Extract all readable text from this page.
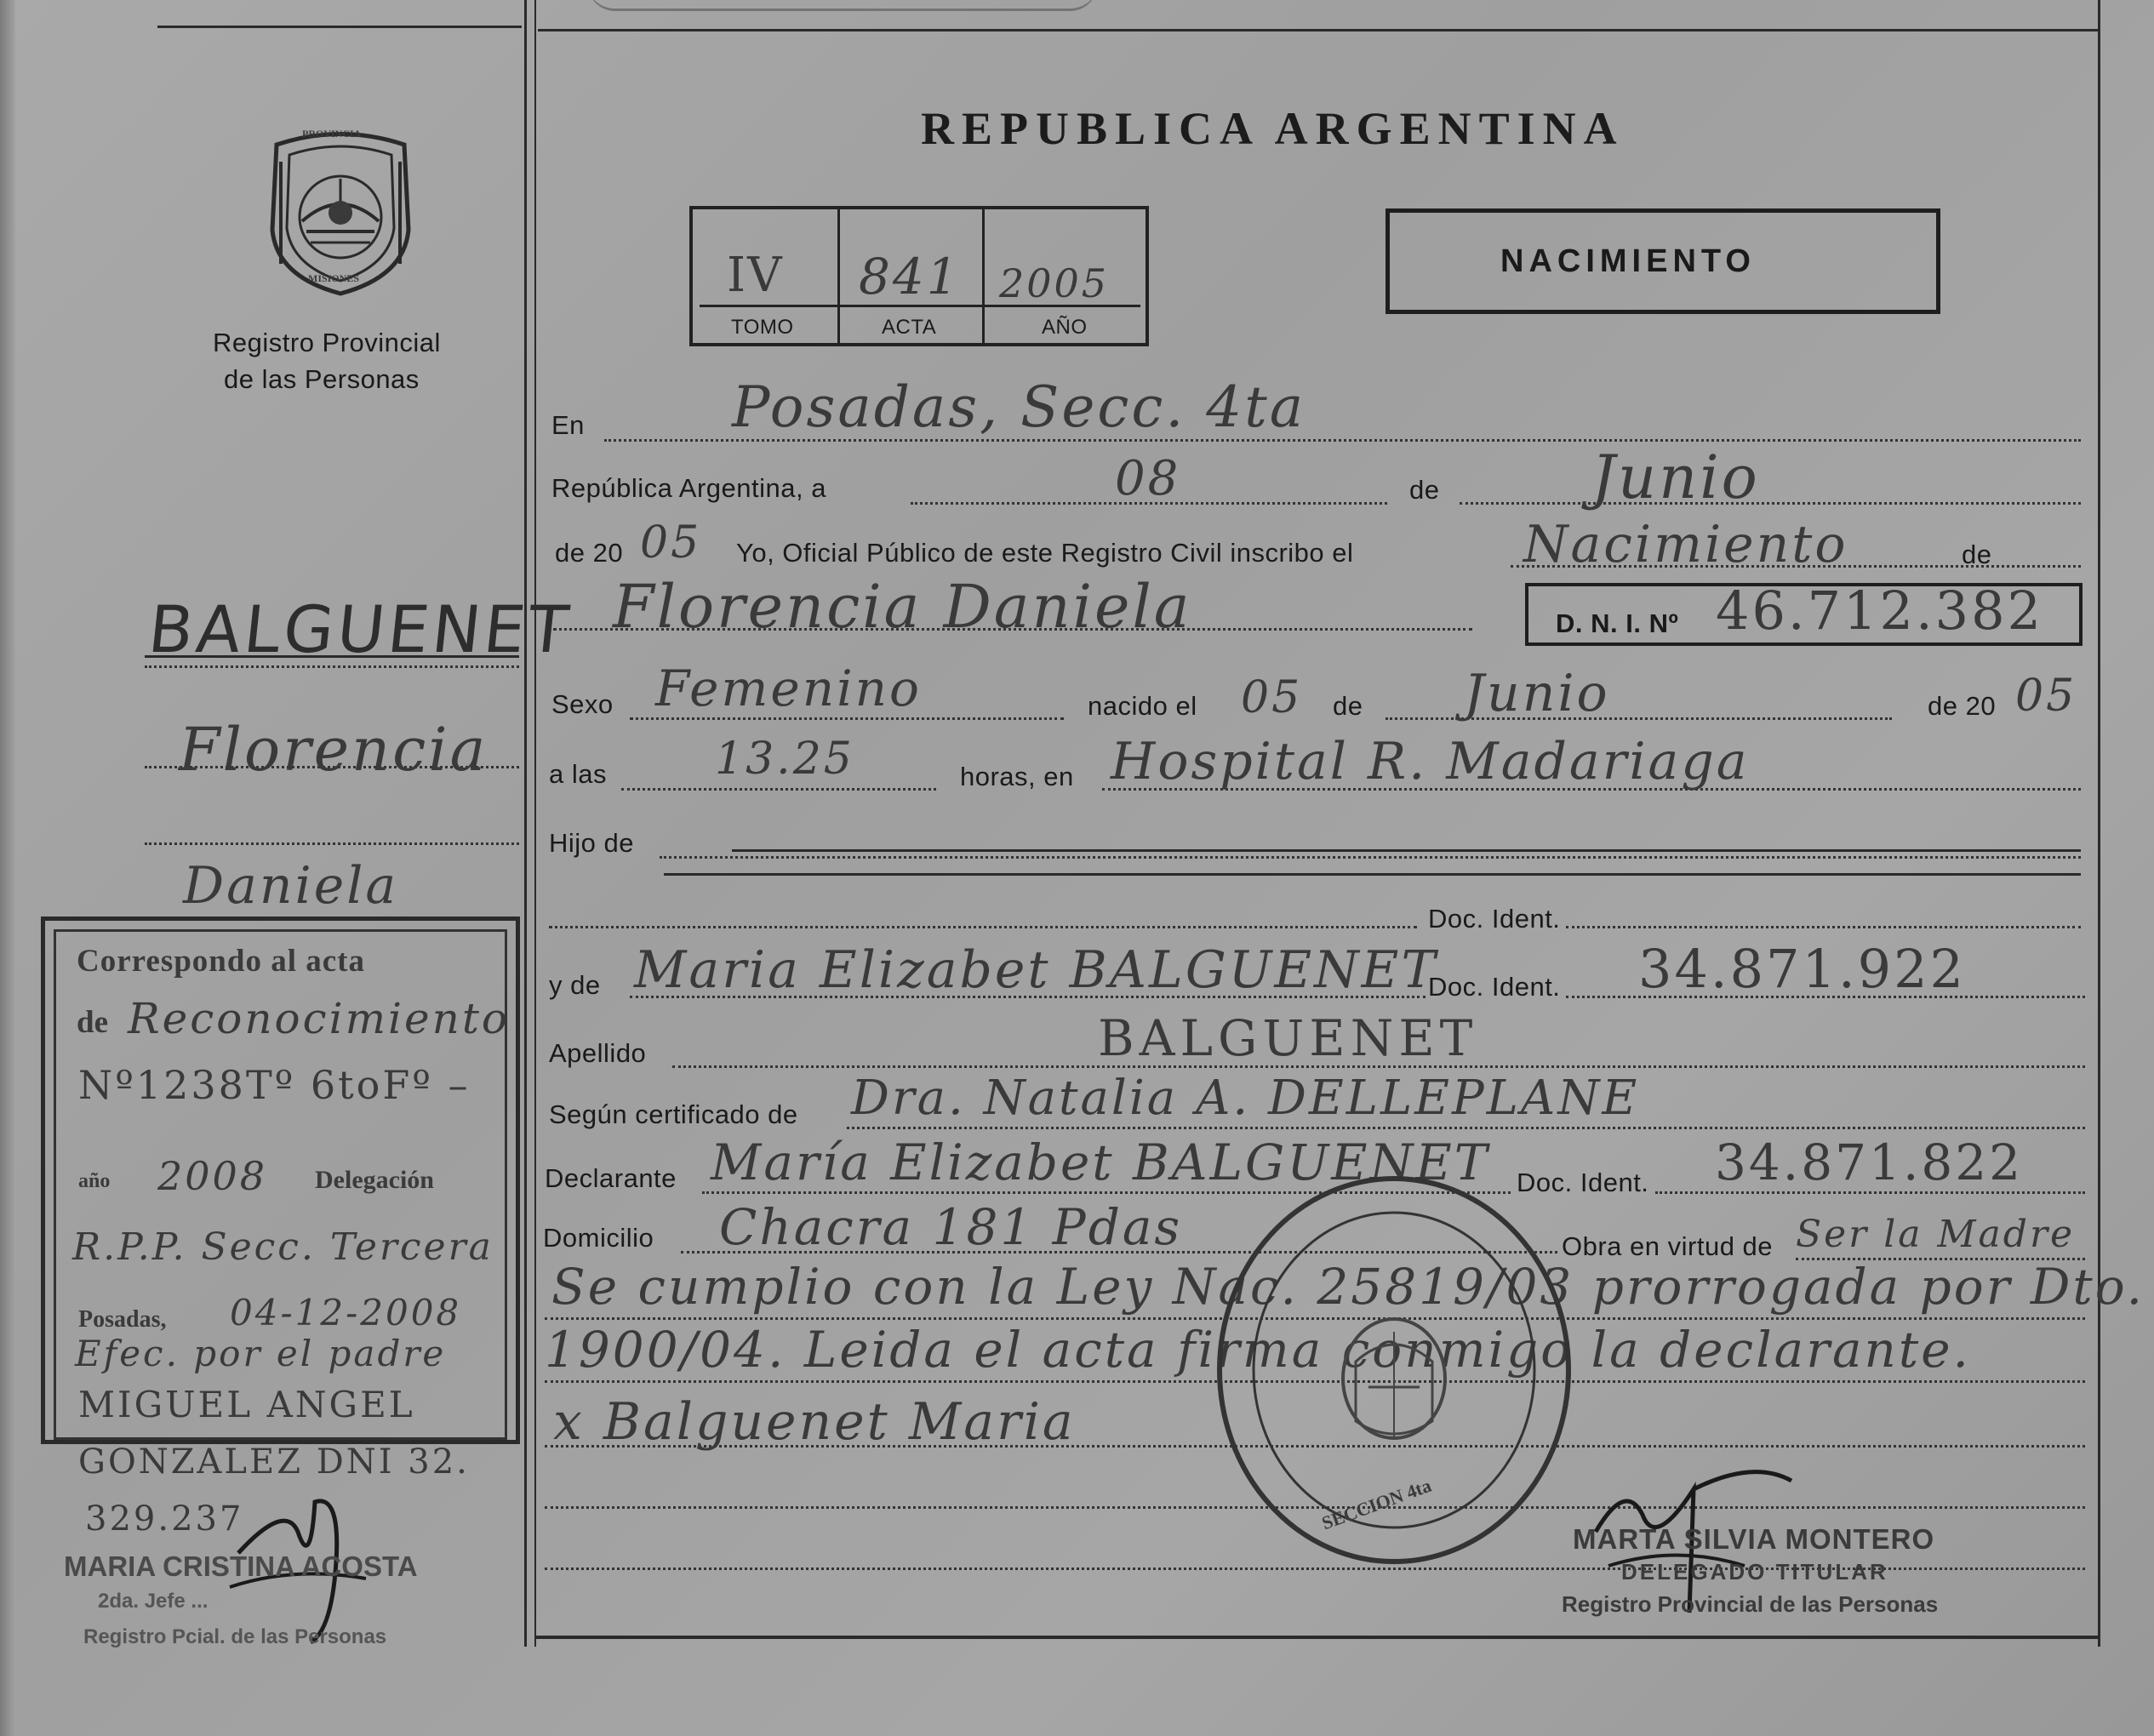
PROVINCIA
MISIONES
Registro Provincial
de las Personas
REPUBLICA ARGENTINA
IV 841 2005
TOMO	ACTA	AÑO
NACIMIENTO
En	Posadas, Secc. 4ta
República Argentina, a	08	de	Junio
de 20 05 Yo, Oficial Público de este Registro Civil inscribo el	Nacimiento	de
Florencia Daniela	D. N. I. Nº 46.712.382
Sexo Femenino	nacido el 05 de Junio	de 20 05
a las 13.25	horas, en Hospital R. Madariaga
Hijo de
Doc. Ident.
y de Maria Elizabet BALGUENET
Doc. Ident. 34.871.922
Apellido	BALGUENET
Según certificado de Dra. Natalia A. DELLEPLANE
Declarante María Elizabet BALGUENET Doc. Ident. 34.871.822
Domicilio Chacra 181 Pdas	Obra en virtud de Ser la Madre
Se cumplio con la Ley Nac. 25819/03 prorrogada por Dto.
1900/04. Leida el acta firma conmigo la declarante.
x Balguenet Maria
SECCION 4ta
MARTA SILVIA MONTERO
DELEGADO TITULAR
Registro Provincial de las Personas
BALGUENET
Florencia
Daniela
Correspondo al acta
de Reconocimiento
Nº1238Tº 6toFº –
año 2008 Delegación
R.P.P. Secc. Tercera
Posadas, 04-12-2008
Efec. por el padre
MIGUEL ANGEL
GONZALEZ DNI 32.
329.237
MARIA CRISTINA ACOSTA
2da. Jefe ...
Registro Pcial. de las Personas
